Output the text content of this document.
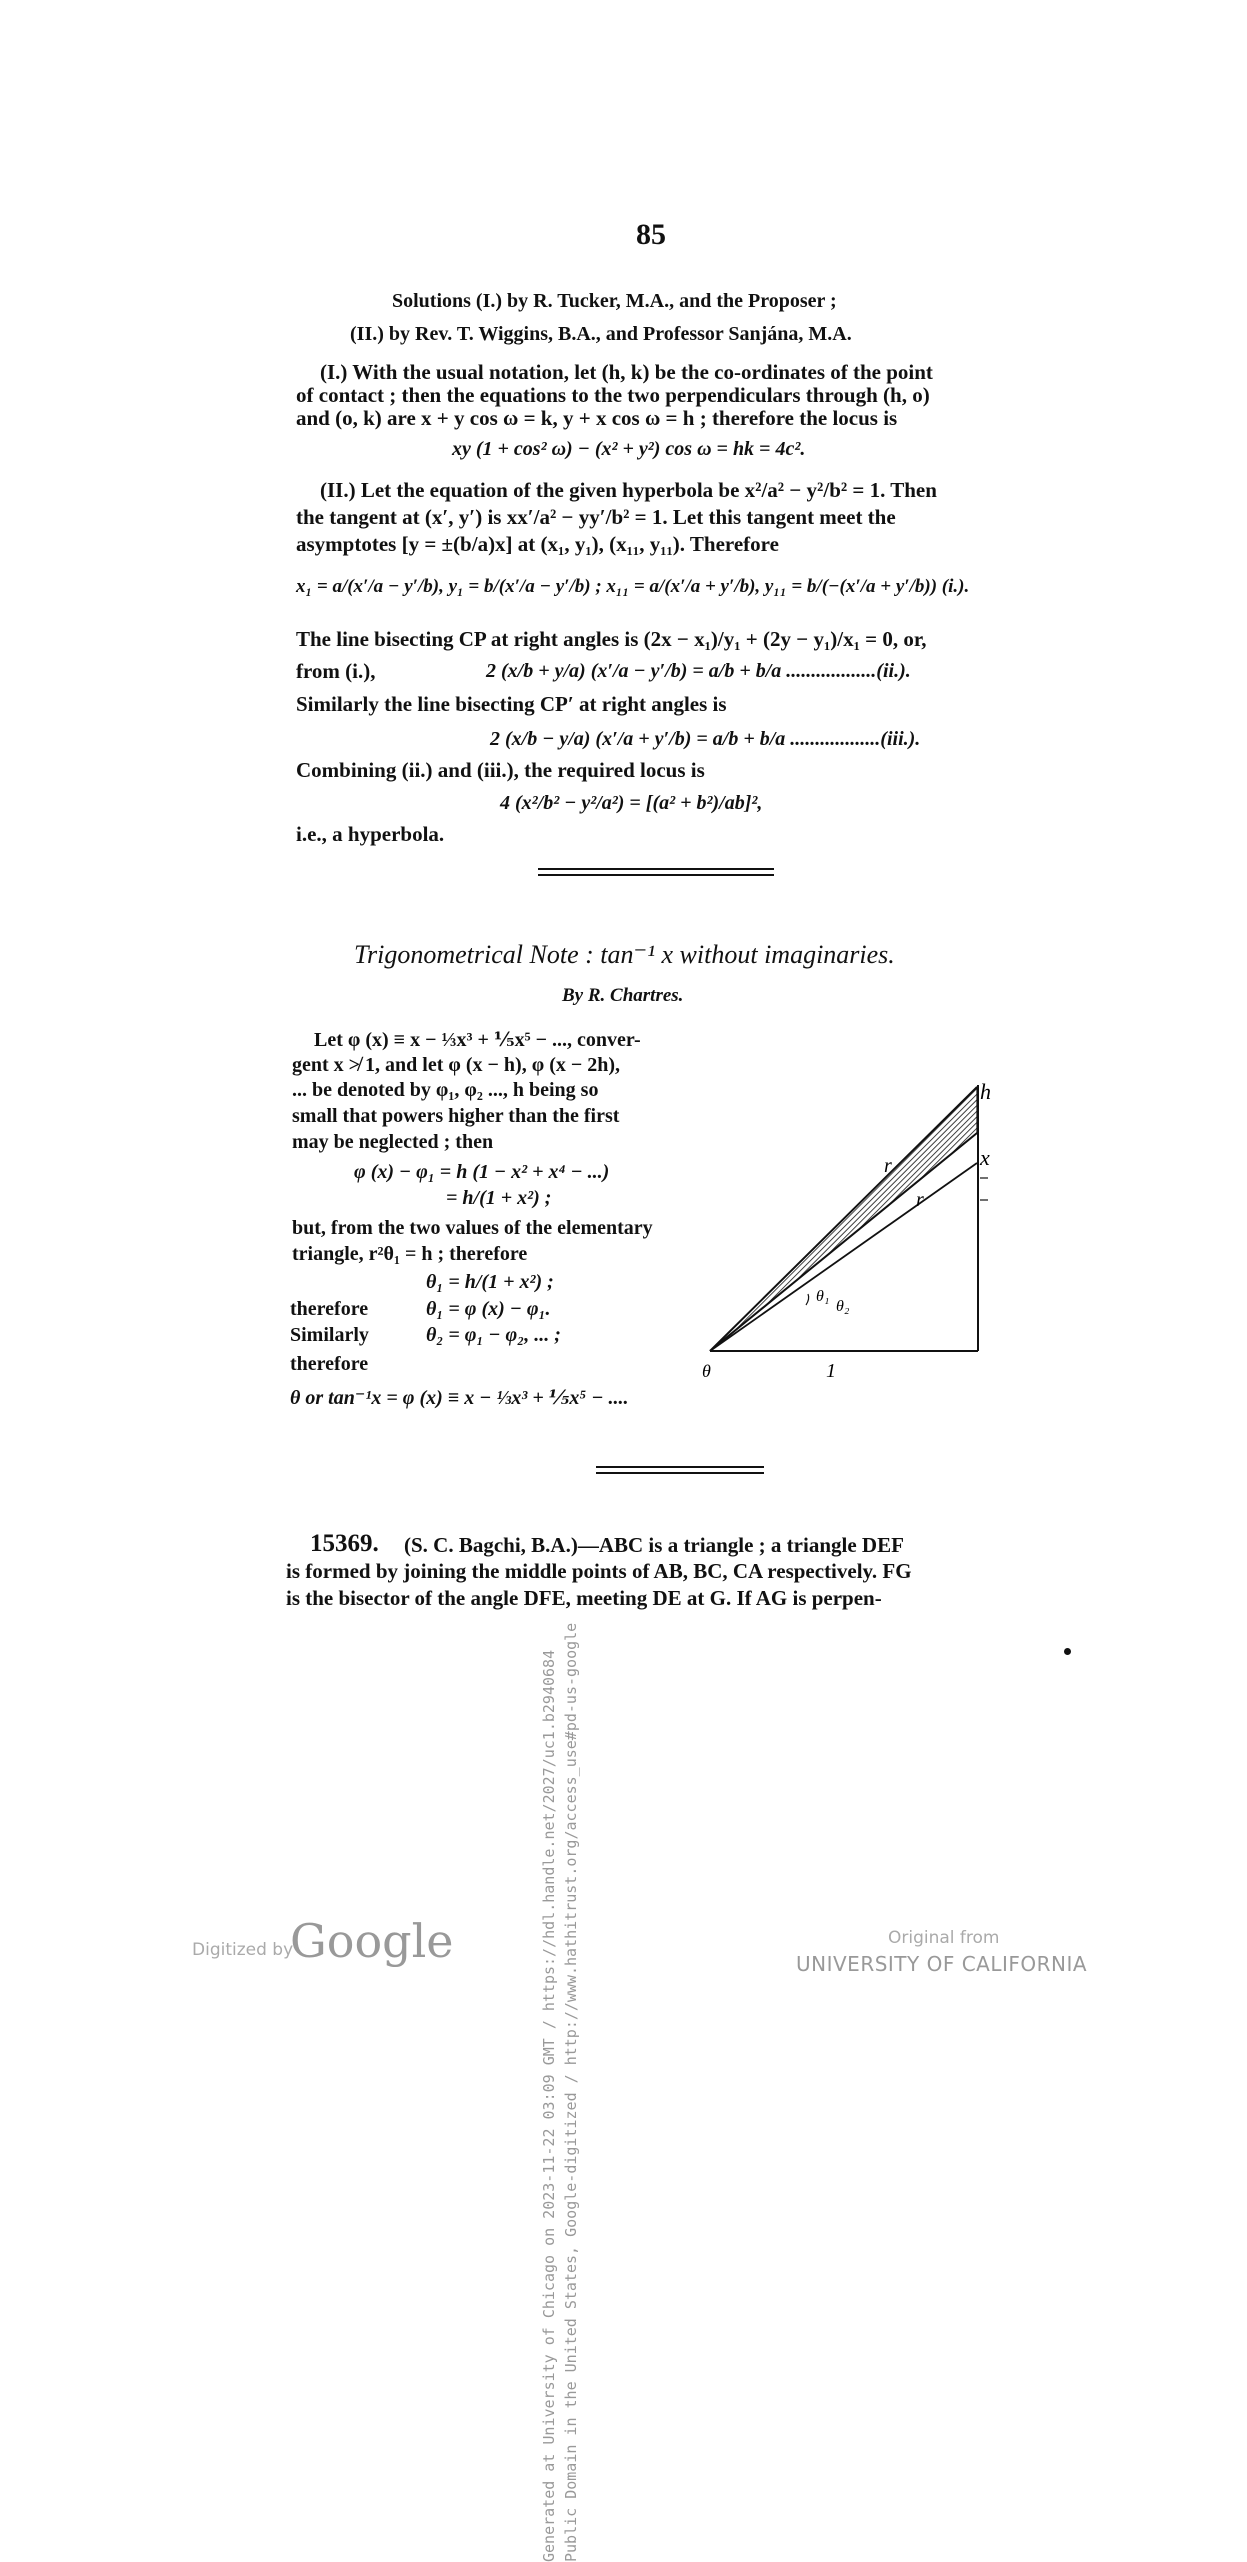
Generated at University of Chicago on 2023-11-22 03:09 GMT / https://hdl.handle.net/2027/uc1.b2940684 Public Domain in the United States, Google-digitized / http://www.hathitrust.org/access_use#pd-us-google
85
Solutions (I.) by R. Tucker, M.A., and the Proposer ;
(II.) by Rev. T. Wiggins, B.A., and Professor Sanjána, M.A.
(I.) With the usual notation, let (h, k) be the co-ordinates of the point
of contact ; then the equations to the two perpendiculars through (h, o)
and (o, k) are x + y cos ω = k, y + x cos ω = h ; therefore the locus is
xy (1 + cos² ω) − (x² + y²) cos ω = hk = 4c².
(II.) Let the equation of the given hyperbola be x²/a² − y²/b² = 1. Then
the tangent at (x′, y′) is xx′/a² − yy′/b² = 1. Let this tangent meet the
asymptotes [y = ±(b/a)x] at (x₁, y₁), (x₁₁, y₁₁). Therefore
x₁ = a/(x′/a − y′/b), y₁ = b/(x′/a − y′/b) ; x₁₁ = a/(x′/a + y′/b), y₁₁ = b/(−(x′/a + y′/b)) (i.).
The line bisecting CP at right angles is (2x − x₁)/y₁ + (2y − y₁)/x₁ = 0, or,
from (i.),	2 (x/b + y/a) (x′/a − y′/b) = a/b + b/a ..................(ii.).
Similarly the line bisecting CP′ at right angles is
2 (x/b − y/a) (x′/a + y′/b) = a/b + b/a ..................(iii.).
Combining (ii.) and (iii.), the required locus is
4 (x²/b² − y²/a²) = [(a² + b²)/ab]²,
i.e., a hyperbola.
Trigonometrical Note : tan⁻¹ x without imaginaries.
By R. Chartres.
Let φ (x) ≡ x − ⅓x³ + ⅕x⁵ − ..., conver-
gent x ≯ 1, and let φ (x − h), φ (x − 2h),
... be denoted by φ₁, φ₂ ..., h being so
small that powers higher than the first
may be neglected ; then
φ (x) − φ₁ = h (1 − x² + x⁴ − ...)
= h/(1 + x²) ;
but, from the two values of the elementary
triangle, r²θ₁ = h ; therefore
θ₁ = h/(1 + x²) ;
therefore	θ₁ = φ (x) − φ₁.
Similarly	θ₂ = φ₁ − φ₂, ... ;
therefore
θ or tan⁻¹x = φ (x) ≡ x − ⅓x³ + ⅕x⁵ − ....
h
x
r
r
θ₁
θ₂
θ	1
15369. (S. C. Bagchi, B.A.)—ABC is a triangle ; a triangle DEF
is formed by joining the middle points of AB, BC, CA respectively. FG
is the bisector of the angle DFE, meeting DE at G. If AG is perpen-
Digitized by
Google	Original from
UNIVERSITY OF CALIFORNIA
